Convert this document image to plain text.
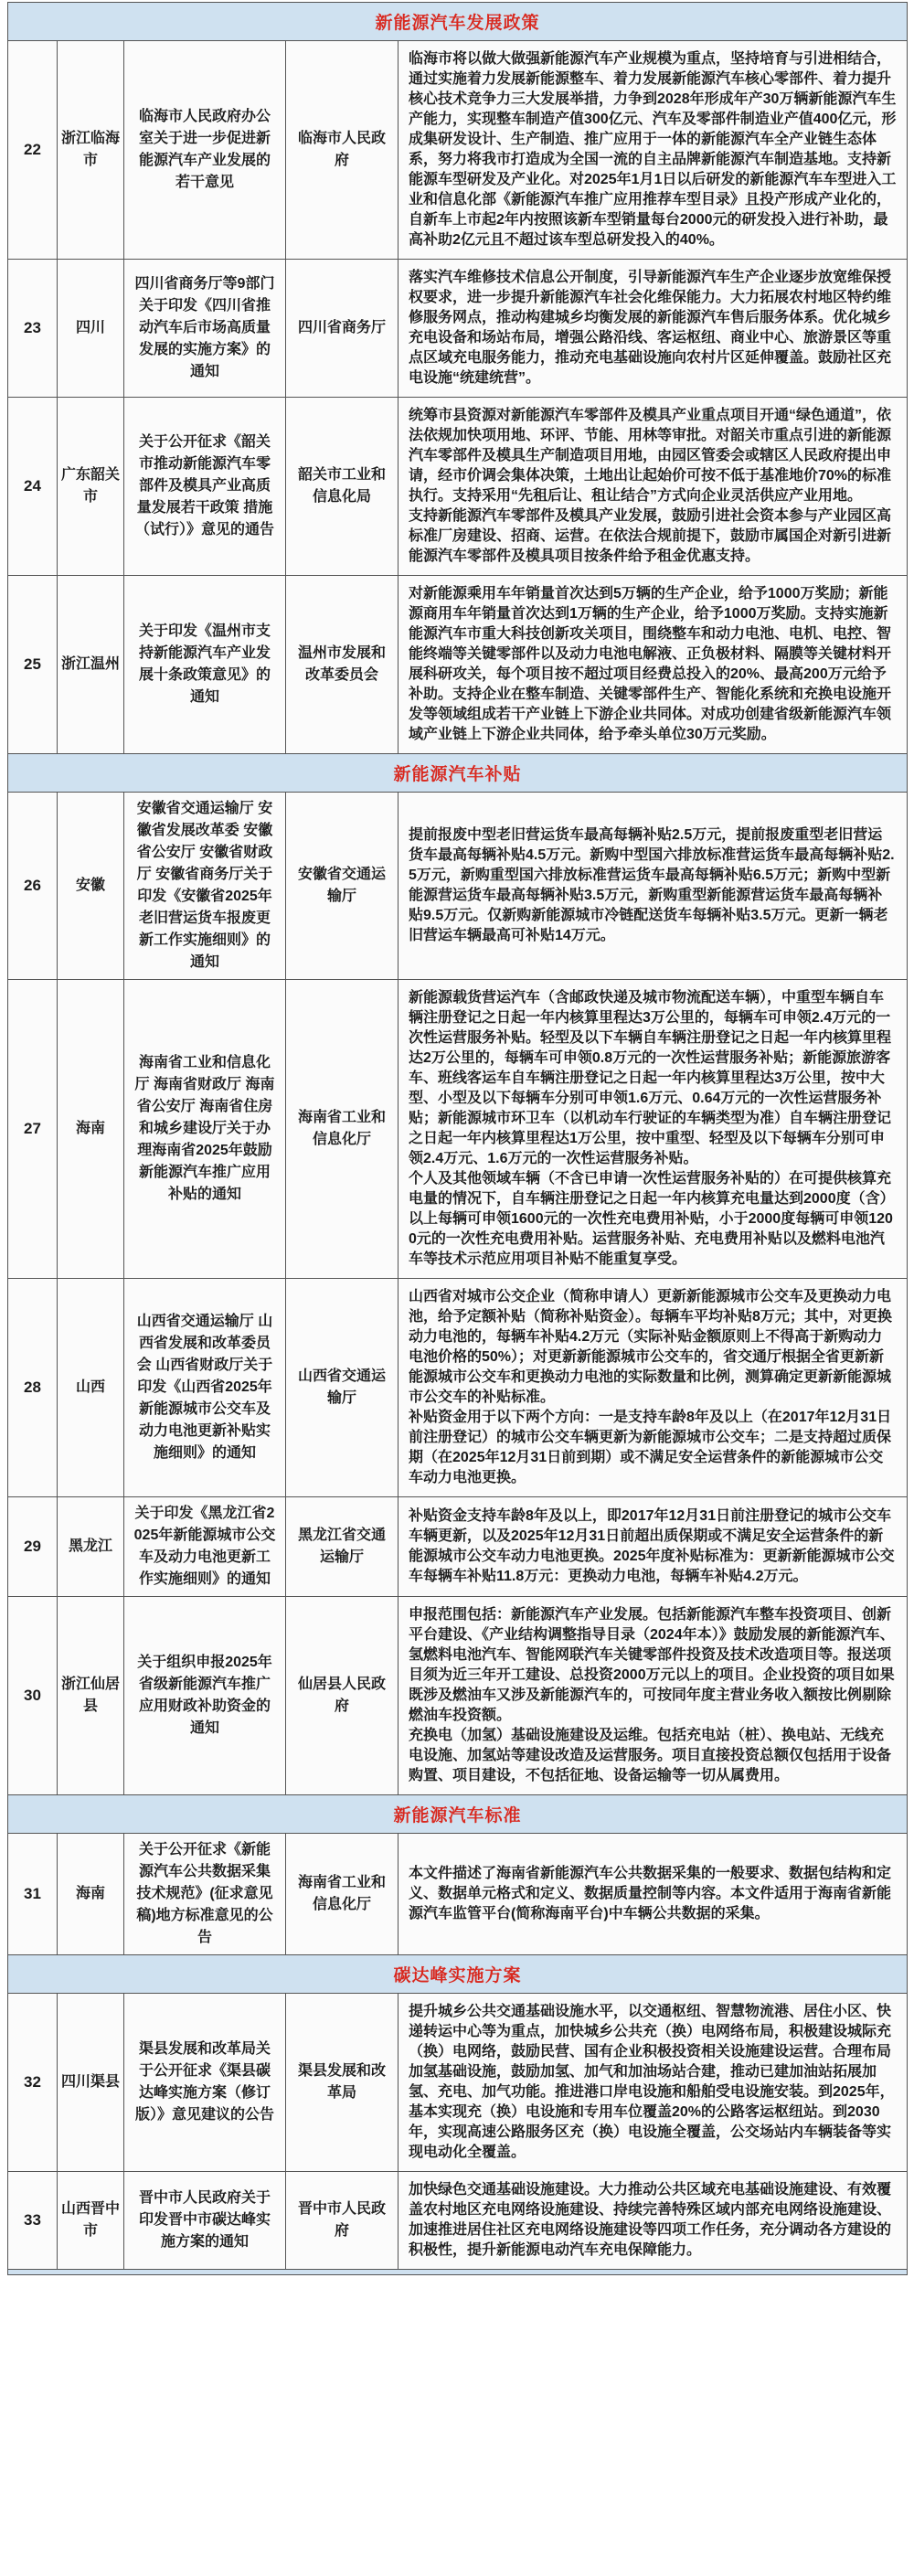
新能源汽车发展政策				
22	浙江临海市	临海市人民政府办公室关于进一步促进新能源汽车产业发展的若干意见	临海市人民政府	临海市将以做大做强新能源汽车产业规模为重点，坚持培育与引进相结合，通过实施着力发展新能源整车、着力发展新能源汽车核心零部件、着力提升核心技术竞争力三大发展举措，力争到2028年形成年产30万辆新能源汽车生产能力，实现整车制造产值300亿元、汽车及零部件制造业产值400亿元，形成集研发设计、生产制造、推广应用于一体的新能源汽车全产业链生态体系，努力将我市打造成为全国一流的自主品牌新能源汽车制造基地。支持新能源车型研发及产业化。对2025年1月1日以后研发的新能源汽车车型进入工业和信息化部《新能源汽车推广应用推荐车型目录》且投产形成产业化的，自新车上市起2年内按照该新车型销量每台2000元的研发投入进行补助，最高补助2亿元且不超过该车型总研发投入的40%。

23	四川	四川省商务厅等9部门关于印发《四川省推动汽车后市场高质量发展的实施方案》的通知	四川省商务厅	落实汽车维修技术信息公开制度，引导新能源汽车生产企业逐步放宽维保授权要求，进一步提升新能源汽车社会化维保能力。大力拓展农村地区特约维修服务网点，推动构建城乡均衡发展的新能源汽车售后服务体系。优化城乡充电设备和场站布局，增强公路沿线、客运枢纽、商业中心、旅游景区等重点区域充电服务能力，推动充电基础设施向农村片区延伸覆盖。鼓励社区充电设施“统建统营”。

24	广东韶关市	关于公开征求《韶关市推动新能源汽车零部件及模具产业高质量发展若干政策 措施（试行）》意见的通告	韶关市工业和信息化局	统筹市县资源对新能源汽车零部件及模具产业重点项目开通“绿色通道”，依法依规加快项用地、环评、节能、用林等审批。对韶关市重点引进的新能源汽车零部件及模具生产制造项目用地，由园区管委会或辖区人民政府提出申请，经市价调会集体决策，土地出让起始价可按不低于基准地价70%的标准执行。支持采用“先租后让、租让结合”方式向企业灵活供应产业用地。
支持新能源汽车零部件及模具产业发展，鼓励引进社会资本参与产业园区高标准厂房建设、招商、运营。在依法合规前提下，鼓励市属国企对新引进新能源汽车零部件及模具项目按条件给予租金优惠支持。

25	浙江温州	关于印发《温州市支持新能源汽车产业发展十条政策意见》的通知	温州市发展和改革委员会	对新能源乘用车年销量首次达到5万辆的生产企业，给予1000万奖励；新能源商用车年销量首次达到1万辆的生产企业，给予1000万奖励。支持实施新能源汽车市重大科技创新攻关项目，围绕整车和动力电池、电机、电控、智能终端等关键零部件以及动力电池电解液、正负极材料、隔膜等关键材料开展科研攻关，每个项目按不超过项目经费总投入的20%、最高200万元给予补助。支持企业在整车制造、关键零部件生产、智能化系统和充换电设施开发等领域组成若干产业链上下游企业共同体。对成功创建省级新能源汽车领域产业链上下游企业共同体，给予牵头单位30万元奖励。

新能源汽车补贴				
26	安徽	安徽省交通运输厅 安徽省发展改革委 安徽省公安厅 安徽省财政厅 安徽省商务厅关于印发《安徽省2025年老旧营运货车报废更新工作实施细则》的通知	安徽省交通运输厅	提前报废中型老旧营运货车最高每辆补贴2.5万元，提前报废重型老旧营运货车最高每辆补贴4.5万元。新购中型国六排放标准营运货车最高每辆补贴2.5万元，新购重型国六排放标准营运货车最高每辆补贴6.5万元；新购中型新能源营运货车最高每辆补贴3.5万元，新购重型新能源营运货车最高每辆补贴9.5万元。仅新购新能源城市冷链配送货车每辆补贴3.5万元。更新一辆老旧营运车辆最高可补贴14万元。

27	海南	海南省工业和信息化厅 海南省财政厅 海南省公安厅 海南省住房和城乡建设厅关于办理海南省2025年鼓励新能源汽车推广应用补贴的通知	海南省工业和信息化厅	新能源载货营运汽车（含邮政快递及城市物流配送车辆），中重型车辆自车辆注册登记之日起一年内核算里程达3万公里的，每辆车可申领2.4万元的一次性运营服务补贴。轻型及以下车辆自车辆注册登记之日起一年内核算里程达2万公里的，每辆车可申领0.8万元的一次性运营服务补贴；新能源旅游客车、班线客运车自车辆注册登记之日起一年内核算里程达3万公里，按中大型、小型及以下每辆车分别可申领1.6万元、0.64万元的一次性运营服务补贴；新能源城市环卫车（以机动车行驶证的车辆类型为准）自车辆注册登记之日起一年内核算里程达1万公里，按中重型、轻型及以下每辆车分别可申领2.4万元、1.6万元的一次性运营服务补贴。
个人及其他领域车辆（不含已申请一次性运营服务补贴的）在可提供核算充电量的情况下，自车辆注册登记之日起一年内核算充电量达到2000度（含）以上每辆可申领1600元的一次性充电费用补贴，小于2000度每辆可申领1200元的一次性充电费用补贴。运营服务补贴、充电费用补贴以及燃料电池汽车等技术示范应用项目补贴不能重复享受。

28	山西	山西省交通运输厅 山西省发展和改革委员会 山西省财政厅关于印发《山西省2025年新能源城市公交车及动力电池更新补贴实施细则》的通知	山西省交通运输厅	山西省对城市公交企业（简称申请人）更新新能源城市公交车及更换动力电池，给予定额补贴（简称补贴资金）。每辆车平均补贴8万元；其中，对更换动力电池的，每辆车补贴4.2万元（实际补贴金额原则上不得高于新购动力电池价格的50%）；对更新新能源城市公交车的，省交通厅根据全省更新新能源城市公交车和更换动力电池的实际数量和比例，测算确定更新新能源城市公交车的补贴标准。
补贴资金用于以下两个方向：一是支持车龄8年及以上（在2017年12月31日前注册登记）的城市公交车辆更新为新能源城市公交车；二是支持超过质保期（在2025年12月31日前到期）或不满足安全运营条件的新能源城市公交车动力电池更换。

29	黑龙江	关于印发《黑龙江省2025年新能源城市公交车及动力电池更新工作实施细则》的通知	黑龙江省交通运输厅	补贴资金支持车龄8年及以上，即2017年12月31日前注册登记的城市公交车车辆更新，以及2025年12月31日前超出质保期或不满足安全运营条件的新能源城市公交车动力电池更换。2025年度补贴标准为：更新新能源城市公交车每辆车补贴11.8万元：更换动力电池，每辆车补贴4.2万元。

30	浙江仙居县	关于组织申报2025年省级新能源汽车推广应用财政补助资金的通知	仙居县人民政府	申报范围包括：新能源汽车产业发展。包括新能源汽车整车投资项目、创新平台建设、《产业结构调整指导目录（2024年本）》鼓励发展的新能源汽车、氢燃料电池汽车、智能网联汽车关键零部件投资及技术改造项目等。报送项目须为近三年开工建设、总投资2000万元以上的项目。企业投资的项目如果既涉及燃油车又涉及新能源汽车的，可按同年度主营业务收入额按比例剔除燃油车投资额。
充换电（加氢）基础设施建设及运维。包括充电站（桩）、换电站、无线充电设施、加氢站等建设改造及运营服务。项目直接投资总额仅包括用于设备购置、项目建设，不包括征地、设备运输等一切从属费用。

新能源汽车标准				
31	海南	关于公开征求《新能源汽车公共数据采集技术规范》(征求意见稿)地方标准意见的公告	海南省工业和信息化厅	本文件描述了海南省新能源汽车公共数据采集的一般要求、数据包结构和定义、数据单元格式和定义、数据质量控制等内容。本文件适用于海南省新能源汽车监管平台(简称海南平台)中车辆公共数据的采集。

碳达峰实施方案				
32	四川渠县	渠县发展和改革局关于公开征求《渠县碳达峰实施方案（修订版）》意见建议的公告	渠县发展和改革局	提升城乡公共交通基础设施水平，以交通枢纽、智慧物流港、居住小区、快递转运中心等为重点，加快城乡公共充（换）电网络布局，积极建设城际充（换）电网络，鼓励民营、国有企业积极投资相关设施建设运营。合理布局加氢基础设施，鼓励加氢、加气和加油场站合建，推动已建加油站拓展加氢、充电、加气功能。推进港口岸电设施和船舶受电设施安装。到2025年，基本实现充（换）电设施和专用车位覆盖20%的公路客运枢纽站。到2030年，实现高速公路服务区充（换）电设施全覆盖，公交场站内车辆装备等实现电动化全覆盖。

33	山西晋中市	晋中市人民政府关于印发晋中市碳达峰实施方案的通知	晋中市人民政府	加快绿色交通基础设施建设。大力推动公共区域充电基础设施建设、有效覆盖农村地区充电网络设施建设、持续完善特殊区域内部充电网络设施建设、加速推进居住社区充电网络设施建设等四项工作任务，充分调动各方建设的积极性，提升新能源电动汽车充电保障能力。
